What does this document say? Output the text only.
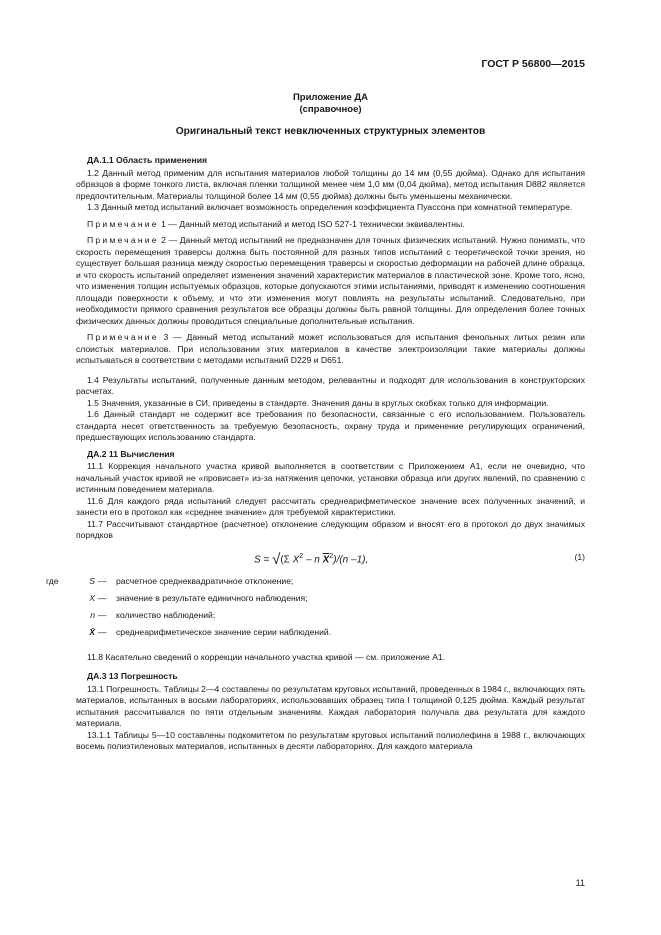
ГОСТ Р 56800—2015
Приложение ДА
(справочное)
Оригинальный текст невключенных структурных элементов
ДА.1.1 Область применения

1.2 Данный метод применим для испытания материалов любой толщины до 14 мм (0,55 дюйма). Однако для испытания образцов в форме тонкого листа, включая пленки толщиной менее чем 1,0 мм (0,04 дюйма), метод испытания D882 является предпочтительным. Материалы толщиной более 14 мм (0,55 дюйма) должны быть уменьшены механически.

1.3 Данный метод испытаний включает возможность определения коэффициента Пуассона при комнатной температуре.

Примечание 1 — Данный метод испытаний и метод ISO 527-1 технически эквивалентны.

Примечание 2 — Данный метод испытаний не предназначен для точных физических испытаний. Нужно понимать, что скорость перемещения траверсы должна быть постоянной для разных типов испытаний с теоретической точки зрения, но существует большая разница между скоростью перемещения траверсы и скоростью деформации на рабочей длине образца, и что скорость испытаний определяет изменения значений характеристик материалов в пластической зоне. Кроме того, ясно, что изменения толщин испытуемых образцов, которые допускаются этими испытаниями, приводят к изменению соотношения площади поверхности к объему, и что эти изменения могут повлиять на результаты испытаний. Следовательно, при необходимости прямого сравнения результатов все образцы должны быть равной толщины. Для определения более точных физических данных должны проводиться специальные дополнительные испытания.

Примечание 3 — Данный метод испытаний может использоваться для испытания фенольных литых резин или слоистых материалов. При использовании этих материалов в качестве электроизоляции такие материалы должны испытываться в соответствии с методами испытаний D229 и D651.

1.4 Результаты испытаний, полученные данным методом, релевантны и подходят для использования в конструкторских расчетах.

1.5 Значения, указанные в СИ, приведены в стандарте. Значения даны в круглых скобках только для информации.

1.6 Данный стандарт не содержит все требования по безопасности, связанные с его использованием. Пользователь стандарта несет ответственность за требуемую безопасность, охрану труда и применение регулирующих ограничений, предшествующих использованию стандарта.

ДА.2 11 Вычисления

11.1 Коррекция начального участка кривой выполняется в соответствии с Приложением А1, если не очевидно, что начальный участок кривой не «провисает» из-за натяжения цепочки, установки образца или других явлений, по сравнению с истинным поведением материала.

11.6 Для каждого ряда испытаний следует рассчитать среднеарифметическое значение всех полученных значений, и занести его в протокол как «среднее значение» для требуемой характеристики.

11.7 Рассчитывают стандартное (расчетное) отклонение следующим образом и вносят его в протокол до двух значимых порядков

S = √(Σ $X^2$ – n $\overline{X}^2)/(n$ –1),	(1)
где	S — расчетное среднеквадратичное отклонение;
X — значение в результате единичного наблюдения;
n — количество наблюдений;
X̄ — среднеарифметическое значение серии наблюдений.

11.8 Касательно сведений о коррекции начального участка кривой — см. приложение А1.

ДА.3 13 Погрешность

13.1 Погрешность. Таблицы 2—4 составлены по результатам круговых испытаний, проведенных в 1984 г., включающих пять материалов, испытанных в восьми лабораториях, использовавших образец типа I толщиной 0,125 дюйма. Каждый результат испытания рассчитывался по пяти отдельным значениям. Каждая лаборатория получала два результата для каждого материала.

13.1.1 Таблицы 5—10 составлены подкомитетом по результатам круговых испытаний полиолефина в 1988 г., включающих восемь полиэтиленовых материалов, испытанных в десяти лабораториях. Для каждого материала

11
